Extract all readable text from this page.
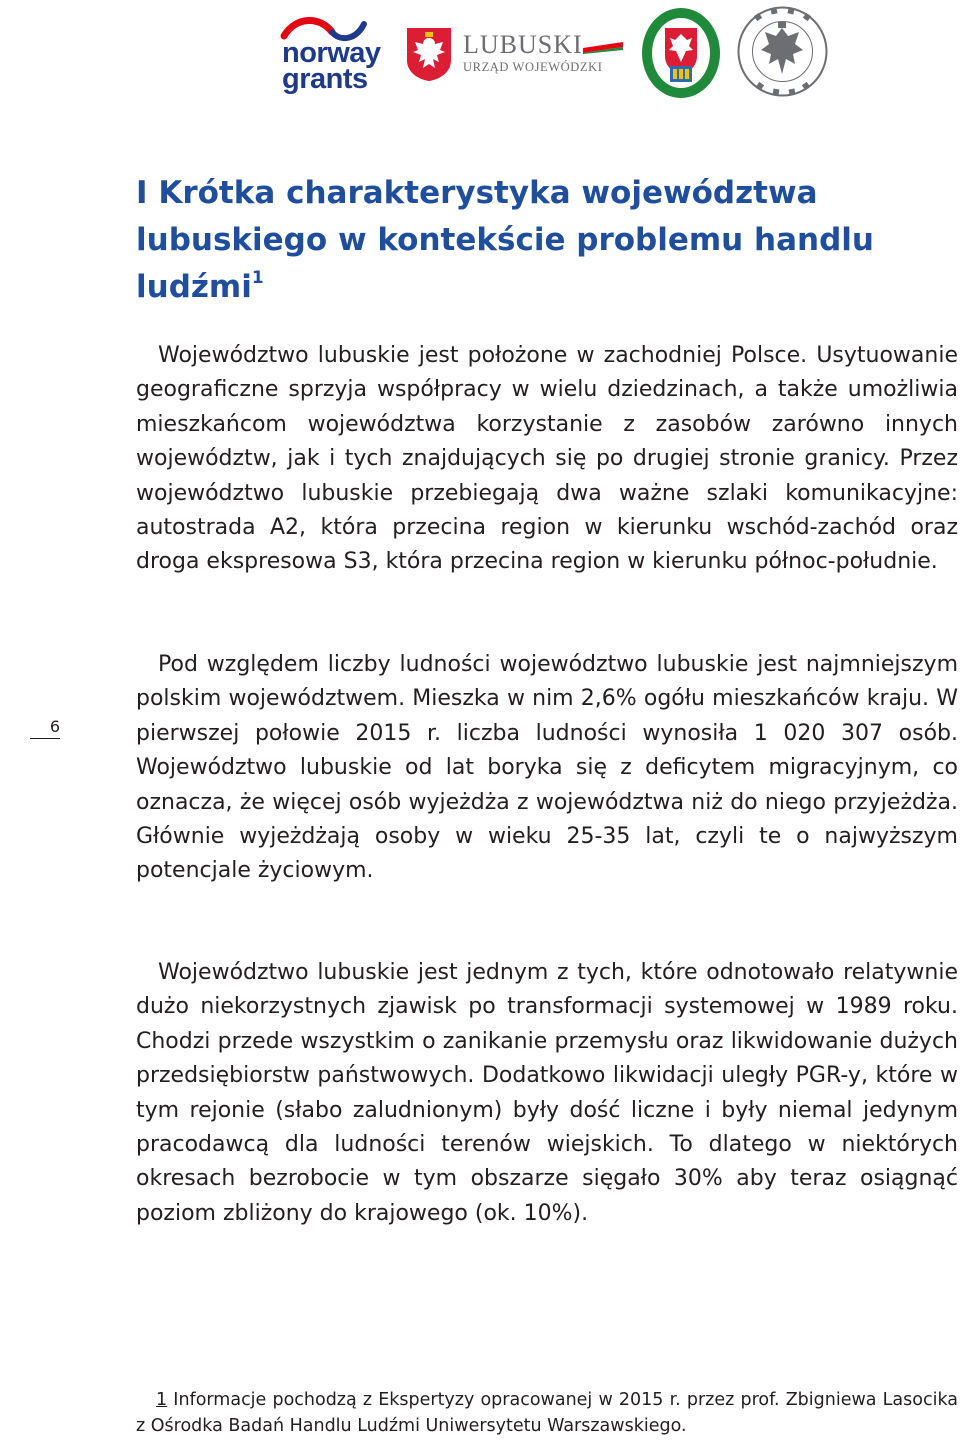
norway
grants
LUBUSKI
URZĄD WOJEWÓDZKI
I Krótka charakterystyka województwa lubuskiego w kontekście problemu handlu ludźmi$^1$

Województwo lubuskie jest położone w zachodniej Polsce. Usytuowanie geograficzne sprzyja współpracy w wielu dziedzinach, a także umożliwia mieszkańcom województwa korzystanie z zasobów zarówno innych województw, jak i tych znajdujących się po drugiej stronie granicy. Przez województwo lubuskie przebiegają dwa ważne szlaki komunikacyjne: autostrada A2, która przecina region w kierunku wschód-zachód oraz droga ekspresowa S3, która przecina region w kierunku północ-południe.

Pod względem liczby ludności województwo lubuskie jest najmniejszym polskim województwem. Mieszka w nim 2,6% ogółu mieszkańców kraju. W pierwszej połowie 2015 r. liczba ludności wynosiła 1 020 307 osób. Województwo lubuskie od lat boryka się z deficytem migracyjnym, co oznacza, że więcej osób wyjeżdża z województwa niż do niego przyjeżdża. Głównie wyjeżdżają osoby w wieku 25-35 lat, czyli te o najwyższym potencjale życiowym.

Województwo lubuskie jest jednym z tych, które odnotowało relatywnie dużo niekorzystnych zjawisk po transformacji systemowej w 1989 roku. Chodzi przede wszystkim o zanikanie przemysłu oraz likwidowanie dużych przedsiębiorstw państwowych. Dodatkowo likwidacji uległy PGR-y, które w tym rejonie (słabo zaludnionym) były dość liczne i były niemal jedynym pracodawcą dla ludności terenów wiejskich. To dlatego w niektórych okresach bezrobocie w tym obszarze sięgało 30% aby teraz osiągnąć poziom zbliżony do krajowego (ok. 10%).

6

1 Informacje pochodzą z Ekspertyzy opracowanej w 2015 r. przez prof. Zbigniewa Lasocika z Ośrodka Badań Handlu Ludźmi Uniwersytetu Warszawskiego.
